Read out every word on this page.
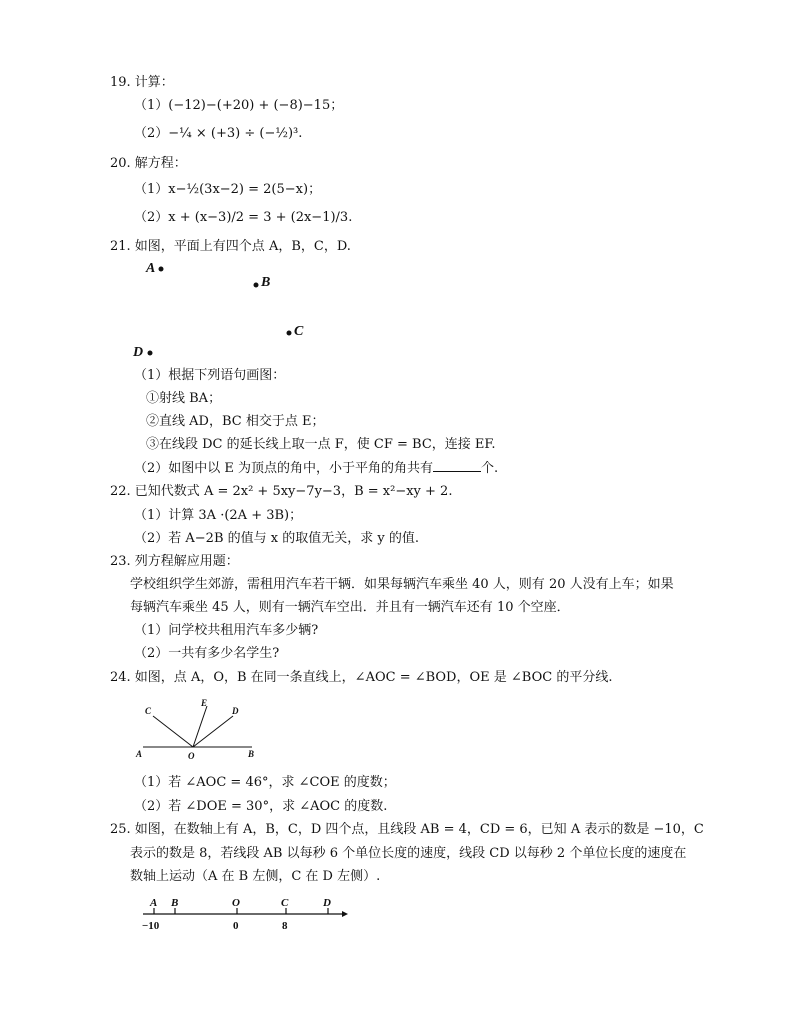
19. 计算：
（1）(−12)−(+20) + (−8)−15；
（2）−¼ × (+3) ÷ (−½)³.
20. 解方程：
（1）x−½(3x−2) = 2(5−x)；
（2）x + (x−3)/2 = 3 + (2x−1)/3.
21. 如图，平面上有四个点 A，B，C，D.
A
B
C
D
（1）根据下列语句画图：
①射线 BA；
②直线 AD，BC 相交于点 E；
③在线段 DC 的延长线上取一点 F，使 CF = BC，连接 EF.
（2）如图中以 E 为顶点的角中，小于平角的角共有	个.
22. 已知代数式 A = 2x² + 5xy−7y−3，B = x²−xy + 2.
（1）计算 3A ·(2A + 3B)；
（2）若 A−2B 的值与 x 的取值无关，求 y 的值.
23. 列方程解应用题：
学校组织学生郊游，需租用汽车若干辆．如果每辆汽车乘坐 40 人，则有 20 人没有上车；如果
每辆汽车乘坐 45 人，则有一辆汽车空出．并且有一辆汽车还有 10 个空座．
（1）问学校共租用汽车多少辆?
（2）一共有多少名学生?
24. 如图，点 A，O，B 在同一条直线上，∠AOC = ∠BOD，OE 是 ∠BOC 的平分线.
C
E
D
A	O	B
（1）若 ∠AOC = 46°，求 ∠COE 的度数；
（2）若 ∠DOE = 30°，求 ∠AOC 的度数.
25. 如图，在数轴上有 A，B，C，D 四个点，且线段 AB = 4，CD = 6，已知 A 表示的数是 −10，C
表示的数是 8，若线段 AB 以每秒 6 个单位长度的速度，线段 CD 以每秒 2 个单位长度的速度在
数轴上运动（A 在 B 左侧，C 在 D 左侧）.
A B	O	C	D
−10	0	8
